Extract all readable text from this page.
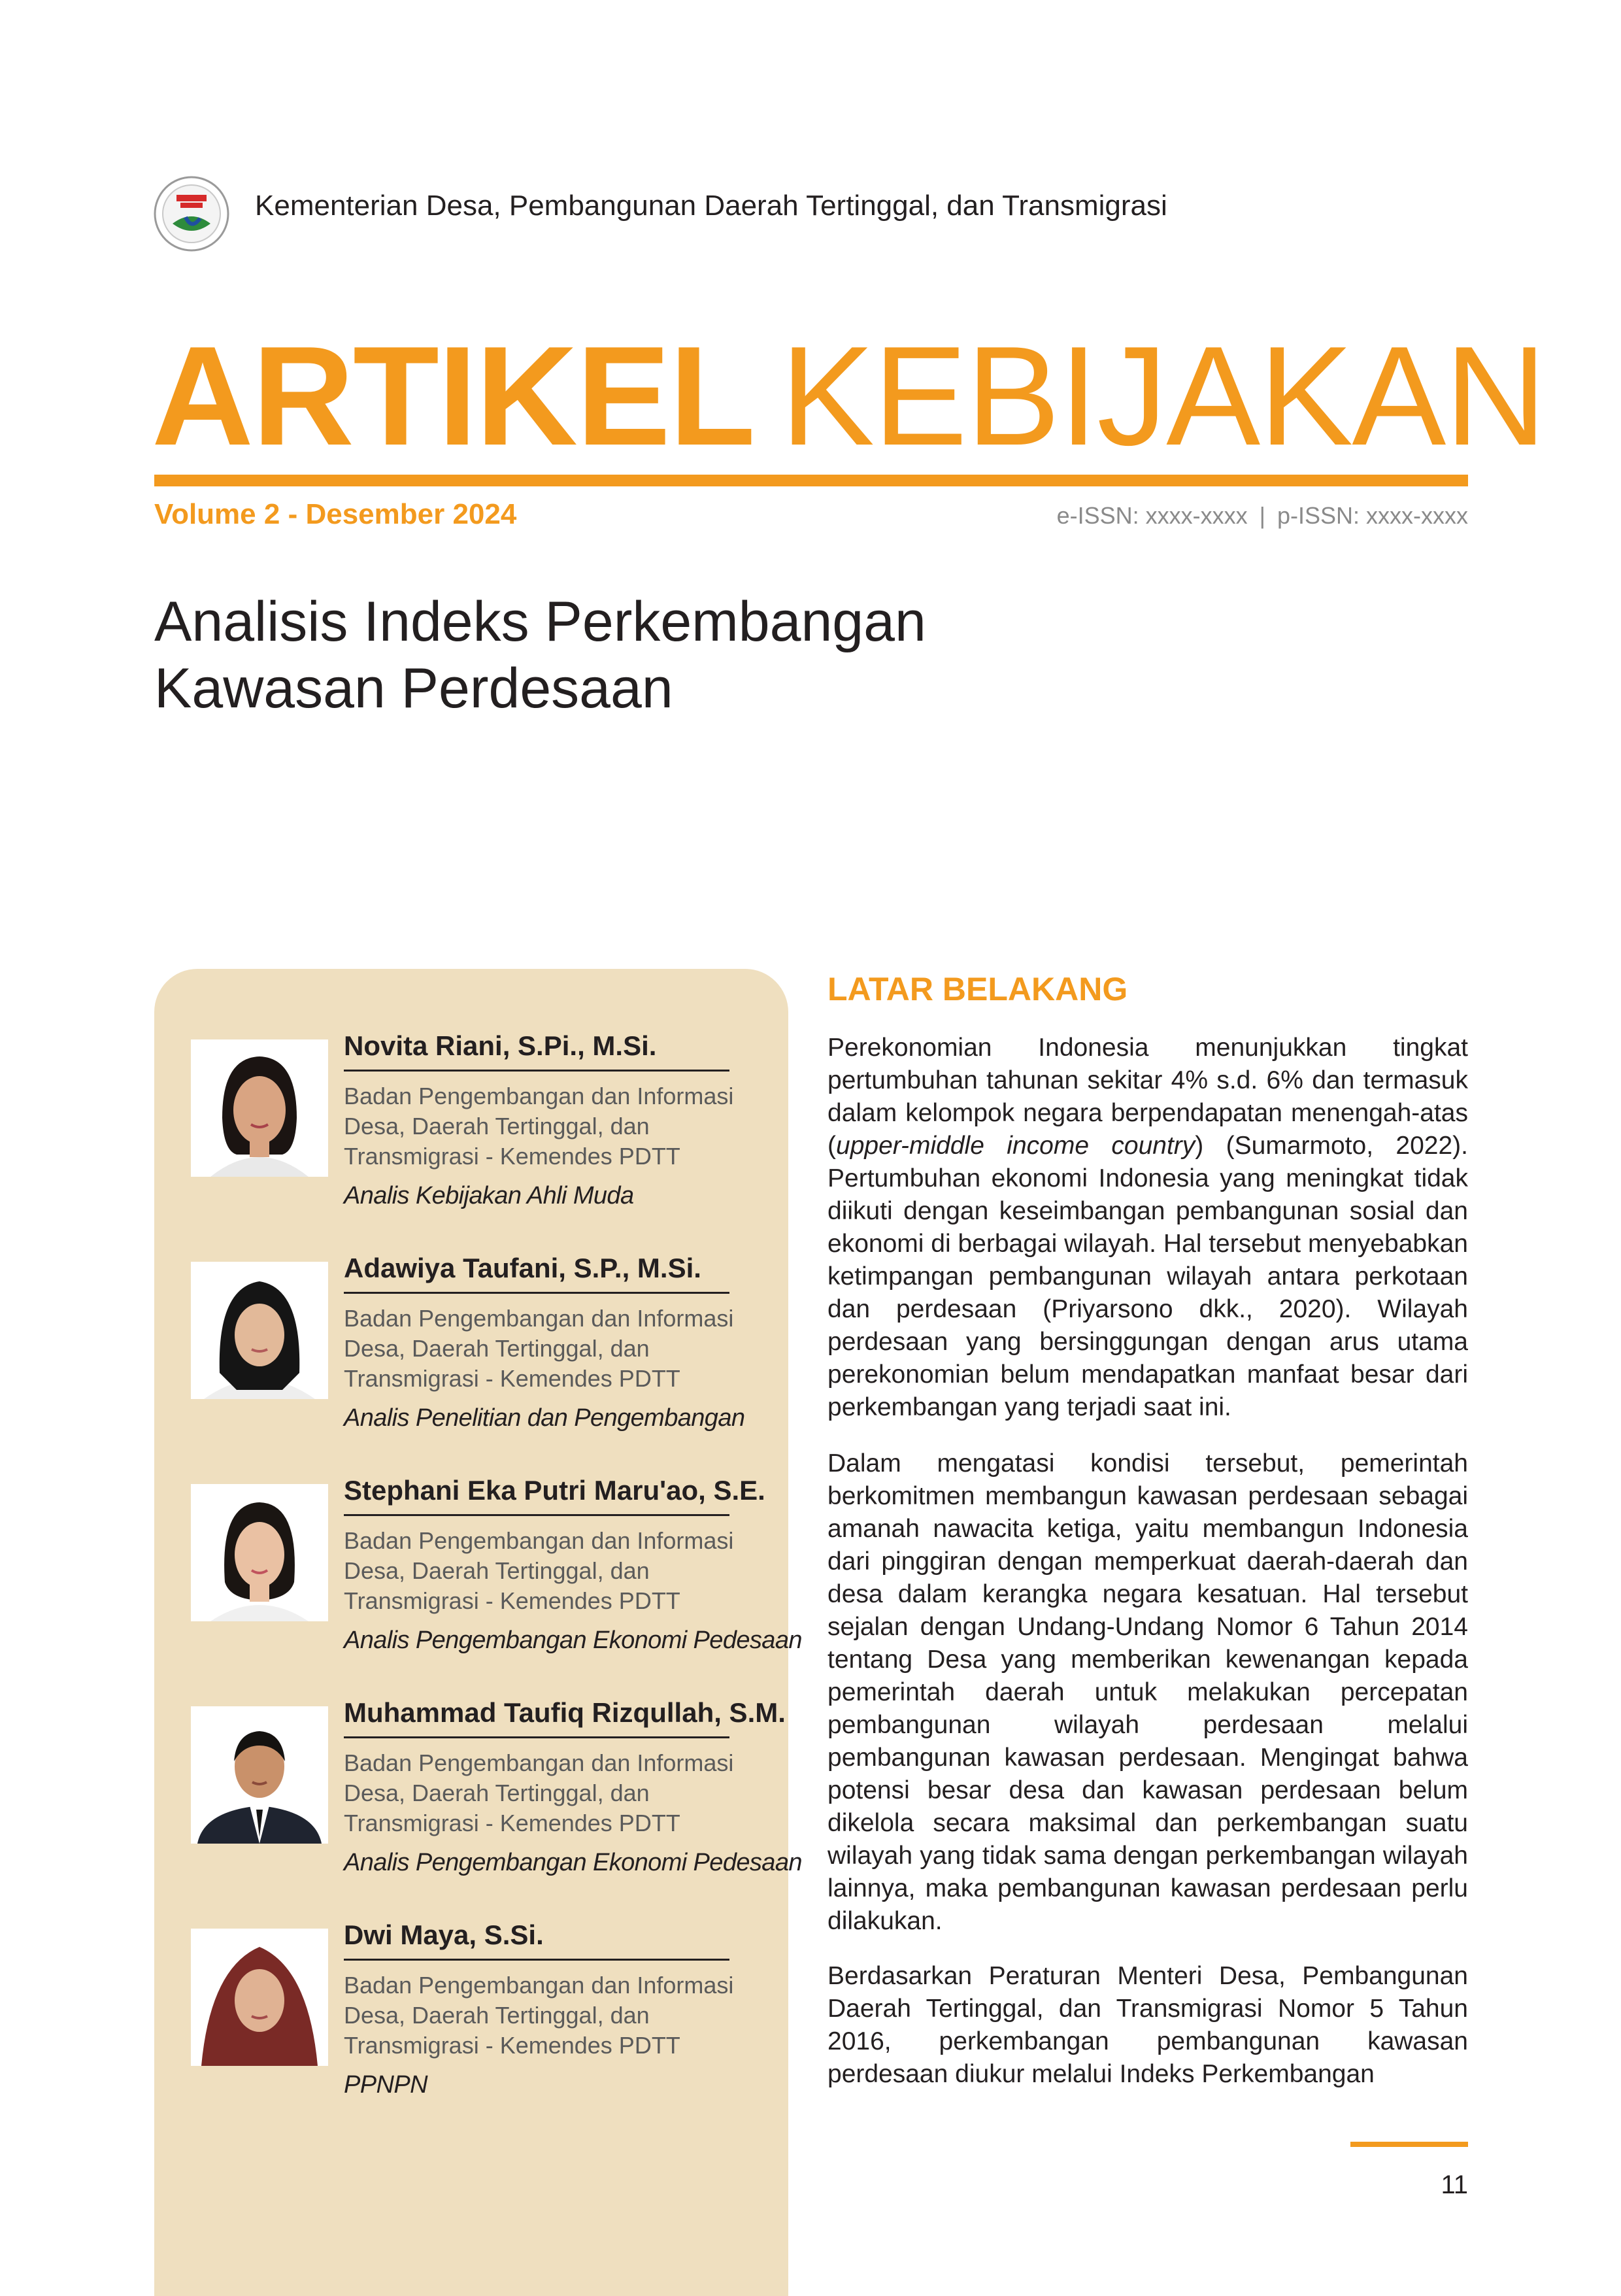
Kementerian Desa, Pembangunan Daerah Tertinggal, dan Transmigrasi
ARTIKEL KEBIJAKAN
Volume 2 - Desember 2024	e-ISSN: xxxx-xxxx | p-ISSN: xxxx-xxxx
Analisis Indeks Perkembangan
Kawasan Perdesaan
Novita Riani, S.Pi., M.Si.
Badan Pengembangan dan Informasi
Desa, Daerah Tertinggal, dan
Transmigrasi - Kemendes PDTT
Analis Kebijakan Ahli Muda
Adawiya Taufani, S.P., M.Si.
Badan Pengembangan dan Informasi
Desa, Daerah Tertinggal, dan
Transmigrasi - Kemendes PDTT
Analis Penelitian dan Pengembangan
Stephani Eka Putri Maru'ao, S.E.
Badan Pengembangan dan Informasi
Desa, Daerah Tertinggal, dan
Transmigrasi - Kemendes PDTT
Analis Pengembangan Ekonomi Pedesaan
Muhammad Taufiq Rizqullah, S.M.
Badan Pengembangan dan Informasi
Desa, Daerah Tertinggal, dan
Transmigrasi - Kemendes PDTT
Analis Pengembangan Ekonomi Pedesaan
Dwi Maya, S.Si.
Badan Pengembangan dan Informasi
Desa, Daerah Tertinggal, dan
Transmigrasi - Kemendes PDTT
PPNPN
LATAR BELAKANG

Perekonomian Indonesia menunjukkan tingkat pertumbuhan tahunan sekitar 4% s.d. 6% dan termasuk dalam kelompok negara berpendapatan menengah-atas (upper-middle income country) (Sumarmoto, 2022). Pertumbuhan ekonomi Indonesia yang meningkat tidak diikuti dengan keseimbangan pembangunan sosial dan ekonomi di berbagai wilayah. Hal tersebut menyebabkan ketimpangan pembangunan wilayah antara perkotaan dan perdesaan (Priyarsono dkk., 2020). Wilayah perdesaan yang bersinggungan dengan arus utama perekonomian belum mendapatkan manfaat besar dari perkembangan yang terjadi saat ini.

Dalam mengatasi kondisi tersebut, pemerintah berkomitmen membangun kawasan perdesaan sebagai amanah nawacita ketiga, yaitu membangun Indonesia dari pinggiran dengan memperkuat daerah-daerah dan desa dalam kerangka negara kesatuan. Hal tersebut sejalan dengan Undang-Undang Nomor 6 Tahun 2014 tentang Desa yang memberikan kewenangan kepada pemerintah daerah untuk melakukan percepatan pembangunan wilayah perdesaan melalui pembangunan kawasan perdesaan. Mengingat bahwa potensi besar desa dan kawasan perdesaan belum dikelola secara maksimal dan perkembangan suatu wilayah yang tidak sama dengan perkembangan wilayah lainnya, maka pembangunan kawasan perdesaan perlu dilakukan.

Berdasarkan Peraturan Menteri Desa, Pembangunan Daerah Tertinggal, dan Transmigrasi Nomor 5 Tahun 2016, perkembangan pembangunan kawasan perdesaan diukur melalui Indeks Perkembangan

11
